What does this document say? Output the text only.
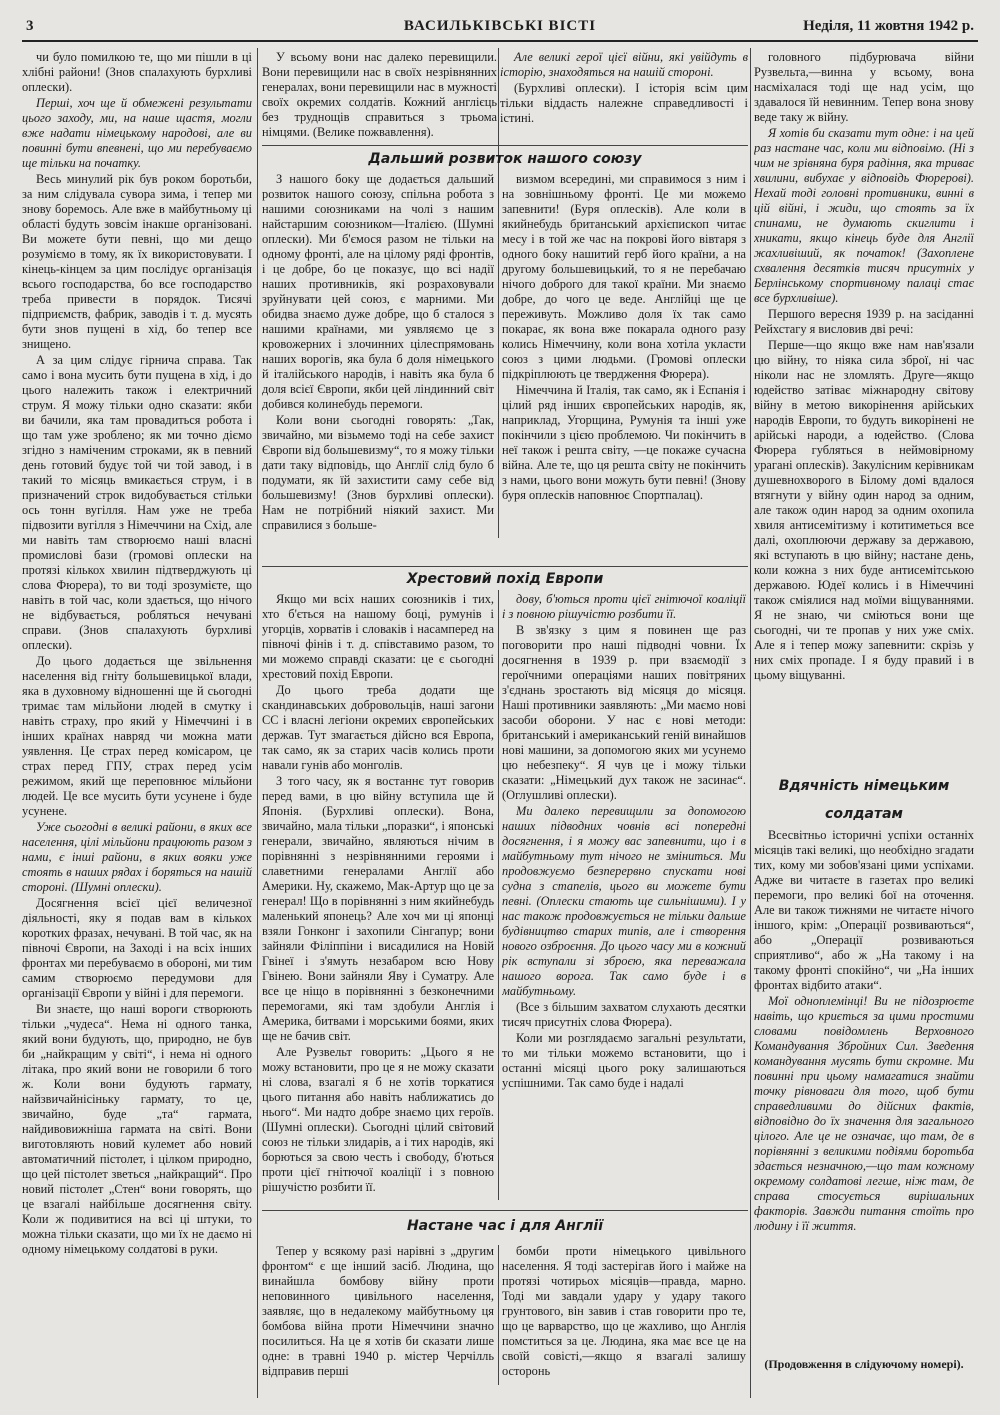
3	ВАСИЛЬКІВСЬКІ ВІСТІ	Неділя, 11 жовтня 1942 р.

чи було помилкою те, що ми пішли в ці хлібні райони! (Знов спалахують бурхливі оплески).

Перші, хоч ще й обмежені результати цього заходу, ми, на наше щастя, могли вже надати німецькому народові, але ви повинні бути впевнені, що ми перебуваємо ще тільки на початку.

Весь минулий рік був роком боротьби, за ним слідувала сувора зима, і тепер ми знову боремось. Але вже в майбутньому ці області будуть зовсім інакше організовані. Ви можете бути певні, що ми дещо розуміємо в тому, як їх використовувати. І кінець-кінцем за цим послідує організація всього господарства, бо все господарство треба привести в порядок. Тисячі підприємств, фабрик, заводів і т. д. мусять бути знов пущені в хід, бо тепер все знищено.

А за цим слідує гірнича справа. Так само і вона мусить бути пущена в хід, і до цього належить також і електричний струм. Я можу тільки одно сказати: якби ви бачили, яка там провадиться робота і що там уже зроблено; як ми точно діємо згідно з наміченим строками, як в певний день готовий будує той чи той завод, і в такий то місяць вмикається струм, і в призначений строк видобувається стільки ось тонн вугілля. Нам уже не треба підвозити вугілля з Німеччини на Схід, але ми навіть там створюємо наші власні промислові бази (громові оплески на протязі кількох хвилин підтверджують ці слова Фюрера), то ви тоді зрозумієте, що навіть в той час, коли здається, що нічого не відбувається, робляться нечувані справи. (Знов спалахують бурхливі оплески).

До цього додається ще звільнення населення від гніту большевицької влади, яка в духовному відношенні ще й сьогодні тримає там мільйони людей в смутку і навіть страху, про який у Німеччині і в інших країнах навряд чи можна мати уявлення. Це страх перед комісаром, це страх перед ГПУ, страх перед усім режимом, який ще переповнює мільйони людей. Це все мусить бути усунене і буде усунене.

Уже сьогодні в великі райони, в яких все населення, цілі мільйони працюють разом з нами, є інші райони, в яких вояки уже стоять в наших рядах і боряться на нашій стороні. (Шумні оплески).

Досягнення всієї цієї величезної діяльності, яку я подав вам в кількох коротких фразах, нечувані. В той час, як на півночі Європи, на Заході і на всіх інших фронтах ми перебуваємо в обороні, ми тим самим створюємо передумови для організації Європи у війні і для перемоги.

Ви знаєте, що наші вороги створюють тільки „чудеса“. Нема ні одного танка, який вони будують, що, природно, не був би „найкращим у світі“, і нема ні одного літака, про який вони не говорили б того ж. Коли вони будують гармату, найзвичайнісіньку гармату, то це, звичайно, буде „та“ гармата, найдивовижніша гармата на світі. Вони виготовляють новий кулемет або новий автоматичний пістолет, і цілком природно, що цей пістолет зветься „найкращий“. Про новий пістолет „Стен“ вони говорять, що це взагалі найбільше досягнення світу. Коли ж подивитися на всі ці штуки, то можна тільки сказати, що ми їх не даємо ні одному німецькому солдатові в руки.

У всьому вони нас далеко перевищили. Вони перевищили нас в своїх незрівнянних генералах, вони перевищили нас в мужності своїх окремих солдатів. Кожний англієць без труднощів справиться з трьома німцями. (Велике пожвавлення).

Але великі герої цієї війни, які увійдуть в історію, знаходяться на нашій стороні.

(Бурхливі оплески). І історія всім цим тільки віддасть належне справедливості і істині.

Дальший розвиток нашого союзу

З нашого боку ще додається дальший розвиток нашого союзу, спільна робота з нашими союзниками на чолі з нашим найстаршим союзником—Італією. (Шумні оплески). Ми б'ємося разом не тільки на одному фронті, але на цілому ряді фронтів, і це добре, бо це показує, що всі надії наших противників, які розраховували зруйнувати цей союз, є марними. Ми обидва знаємо дуже добре, що б сталося з нашими країнами, ми уявляємо це з кровожерних і злочинних цілеспрямовань наших ворогів, яка була б доля німецького й італійського народів, і навіть яка була б доля всієї Європи, якби цей ліндинний світ добився колинебудь перемоги.

Коли вони сьогодні говорять: „Так, звичайно, ми візьмемо тоді на себе захист Європи від большевизму“, то я можу тільки дати таку відповідь, що Англії слід було б подумати, як їй захистити саму себе від большевизму! (Знов бурхливі оплески). Нам не потрібний ніякий захист. Ми справилися з больше-

визмом всередині, ми справимося з ним і на зовнішньому фронті. Це ми можемо запевнити! (Буря оплесків). Але коли в якийнебудь британський архієпископ читає месу і в той же час на покрові його вівтаря з одного боку нашитий герб його країни, а на другому большевицький, то я не перебачаю нічого доброго для такої країни. Ми знаємо добре, до чого це веде. Англійці ще це переживуть. Можливо доля їх так само покарає, як вона вже покарала одного разу колись Німеччину, коли вона хотіла укласти союз з цими людьми. (Громові оплески підкріплюють це твердження Фюрера).

Німеччина й Італія, так само, як і Еспанія і цілий ряд інших європейських народів, як, наприклад, Угорщина, Румунія та інші уже покінчили з цією проблемою. Чи покінчить в неї також і решта світу, —це покаже сучасна війна. Але те, що ця решта світу не покінчить з нами, цього вони можуть бути певні! (Знову буря оплесків наповнює Спортпалац).

Хрестовий похід Европи

Якщо ми всіх наших союзників і тих, хто б'ється на нашому боці, румунів і угорців, хорватів і словаків і насамперед на півночі фінів і т. д. співставимо разом, то ми можемо справді сказати: це є сьогодні хрестовий похід Европи.

До цього треба додати ще скандинавських добровольців, наші загони СС і власні легіони окремих європейських держав. Тут змагається дійсно вся Европа, так само, як за старих часів колись проти навали гунів або монголів.

З того часу, як я востаннє тут говорив перед вами, в цю війну вступила ще й Японія. (Бурхливі оплески). Вона, звичайно, мала тільки „поразки“, і японські генерали, звичайно, являються нічим в порівнянні з незрівнянними героями і славетними генералами Англії або Америки. Ну, скажемо, Мак-Артур що це за генерал! Що в порівнянні з ним якийнебудь маленький японець? Але хоч ми ці японці взяли Гонконг і захопили Сінгапур; вони зайняли Філіппіни і висадилися на Новій Гвінеї і з'ямуть незабаром всю Нову Гвінею. Вони зайняли Яву і Суматру. Але все це ніщо в порівнянні з безконечними перемогами, які там здобули Англія і Америка, битвами і морськими боями, яких ще не бачив світ.

Але Рузвельт говорить: „Цього я не можу встановити, про це я не можу сказати ні слова, взагалі я б не хотів торкатися цього питання або навіть наближатись до нього“. Ми надто добре знаємо цих героїв. (Шумні оплески). Сьогодні цілий світовий союз не тільки злидарів, а і тих народів, які борються за свою честь і свободу, б'ються проти цієї гнітючої коаліції і з повною рішучістю розбити її.

дову, б'ються проти цієї гнітючої коаліції і з повною рішучістю розбити її.

В зв'язку з цим я повинен ще раз поговорити про наші підводні човни. Їх досягнення в 1939 р. при взаємодії з героїчними операціями наших повітряних з'єднань зростають від місяця до місяця. Наші противники заявляють: „Ми маємо нові засоби оборони. У нас є нові методи: британський і американський геній винайшов нові машини, за допомогою яких ми усунемо цю небезпеку“. Я чув це і можу тільки сказати: „Німецький дух також не засинає“. (Оглушливі оплески).

Ми далеко перевищили за допомогою наших підводних човнів всі попередні досягнення, і я можу вас запевнити, що і в майбутньому тут нічого не зміниться. Ми продовжуємо безперервно спускати нові судна з стапелів, цього ви можете бути певні. (Оплески стають ще сильнішими). І у нас також продовжується не тільки дальше будівництво старих типів, але і створення нового озброєння. До цього часу ми в кожний рік вступали зі зброєю, яка переважала нашого ворога. Так само буде і в майбутньому.

(Все з більшим захватом слухають десятки тисяч присутніх слова Фюрера).

Коли ми розглядаємо загальні результати, то ми тільки можемо встановити, що і останні місяці цього року залишаються успішними. Так само буде і надалі

Настане час і для Англії

Тепер у всякому разі нарівні з „другим фронтом“ є ще інший засіб. Людина, що винайшла бомбову війну проти неповинного цивільного населення, заявляє, що в недалекому майбутньому ця бомбова війна проти Німеччини значно посилиться. На це я хотів би сказати лише одне: в травні 1940 р. містер Черчілль відправив перші

бомби проти німецького цивільного населення. Я тоді застерігав його і майже на протязі чотирьох місяців—правда, марно. Тоді ми завдали удару у удару такого грунтового, він завив і став говорити про те, що це варварство, що це жахливо, що Англія помститься за це. Людина, яка має все це на своїй совісті,—якщо я взагалі залишу осторонь

головного підбурювача війни Рузвельта,—винна у всьому, вона насміхалася тоді ще над усім, що здавалося їй невинним. Тепер вона знову веде таку ж війну.

Я хотів би сказати тут одне: і на цей раз настане час, коли ми відповімо. (Ні з чим не зрівняна буря радіння, яка триває хвилини, вибухає у відповідь Фюреровi). Нехай тоді головні противники, винні в цій війні, і жиди, що стоять за їх спинами, не думають скиглити і хникати, якщо кінець буде для Англії жахливіший, як початок! (Захоплене схвалення десятків тисяч присутніх у Берлінському спортивному палаці стає все бурхливіше).

Першого вересня 1939 р. на засіданні Рейхстагу я висловив дві речі:

Перше—що якщо вже нам нав'язали цю війну, то ніяка сила зброї, ні час ніколи нас не зломлять. Друге—якщо юдейство затіває міжнародну світову війну в метою викорінення арійських народів Европи, то будуть викорінені не арійські народи, а юдейство. (Слова Фюрера губляться в неймовірному урагані оплесків). Закулісним керівникам душевнохворого в Білому домі вдалося втягнути у війну один народ за одним, але також один народ за одним охопила хвиля антисемітизму і котитиметься все далі, охоплюючи державу за державою, які вступають в цю війну; настане день, коли кожна з них буде антисемітською державою. Юдеї колись і в Німеччині також сміялися над моїми віщуваннями. Я не знаю, чи сміються вони ще сьогодні, чи те пропав у них уже сміх. Але я і тепер можу запевнити: скрізь у них сміх пропаде. І я буду правий і в цьому віщуванні.

Вдячність німецьким
солдатам

Всесвітньо історичні успіхи останніх місяців такі великі, що необхідно згадати тих, кому ми зобов'язані цими успіхами. Адже ви читаєте в газетах про великі перемоги, про великі бої на оточення. Але ви також тижнями не читаєте нічого іншого, крім: „Операції розвиваються“, або „Операції розвиваються сприятливо“, або ж „На такому і на такому фронті спокійно“, чи „На інших фронтах відбито атаки“.

Мої одноплемінці! Ви не підозрюєте навіть, що криється за цими простими словами повідомлень Верховного Командування Збройних Сил. Зведення командування мусять бути скромне. Ми повинні при цьому намагатися знайти точку рівноваги для того, щоб бути справедливими до дійсних фактів, відповідно до їх значення для загального цілого. Але це не означає, що там, де в порівнянні з великими подіями боротьба здається незначною,—що там кожному окремому солдатові легше, ніж там, де справа стосується вирішальних факторів. Завжди питання стоїть про людину і її життя.

(Продовження в слідуючому номері).
